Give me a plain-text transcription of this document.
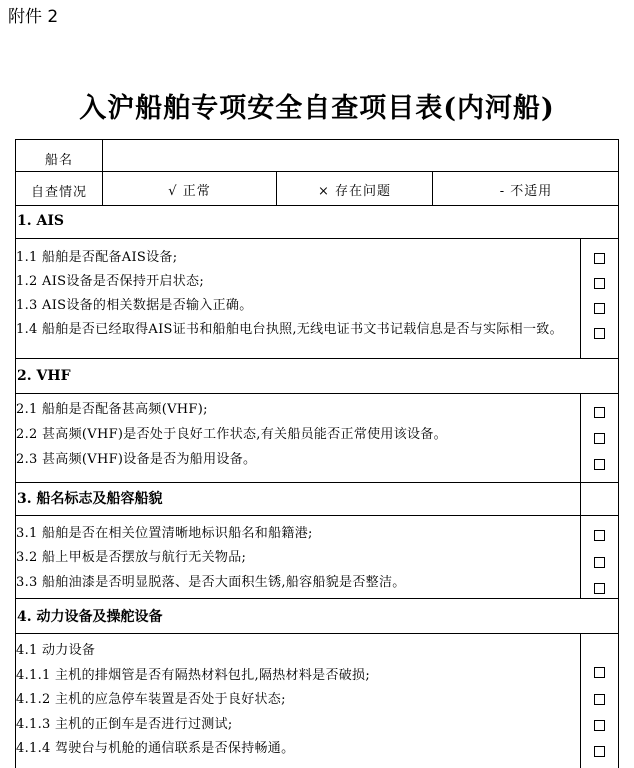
附件 2
入沪船舶专项安全自查项目表(内河船)
船名
自查情况	√ 正常	× 存在问题	- 不适用
1. AIS
1.1 船舶是否配备AIS设备;
1.2 AIS设备是否保持开启状态;
1.3 AIS设备的相关数据是否输入正确。
1.4 船舶是否已经取得AIS证书和船舶电台执照,无线电证书文书记载信息是否与实际相一致。
2. VHF
2.1 船舶是否配备甚高频(VHF);
2.2 甚高频(VHF)是否处于良好工作状态,有关船员能否正常使用该设备。
2.3 甚高频(VHF)设备是否为船用设备。
3. 船名标志及船容船貌
3.1 船舶是否在相关位置清晰地标识船名和船籍港;
3.2 船上甲板是否摆放与航行无关物品;
3.3 船舶油漆是否明显脱落、是否大面积生锈,船容船貌是否整洁。
4. 动力设备及操舵设备
4.1 动力设备
4.1.1 主机的排烟管是否有隔热材料包扎,隔热材料是否破损;
4.1.2 主机的应急停车装置是否处于良好状态;
4.1.3 主机的正倒车是否进行过测试;
4.1.4 驾驶台与机舱的通信联系是否保持畅通。
